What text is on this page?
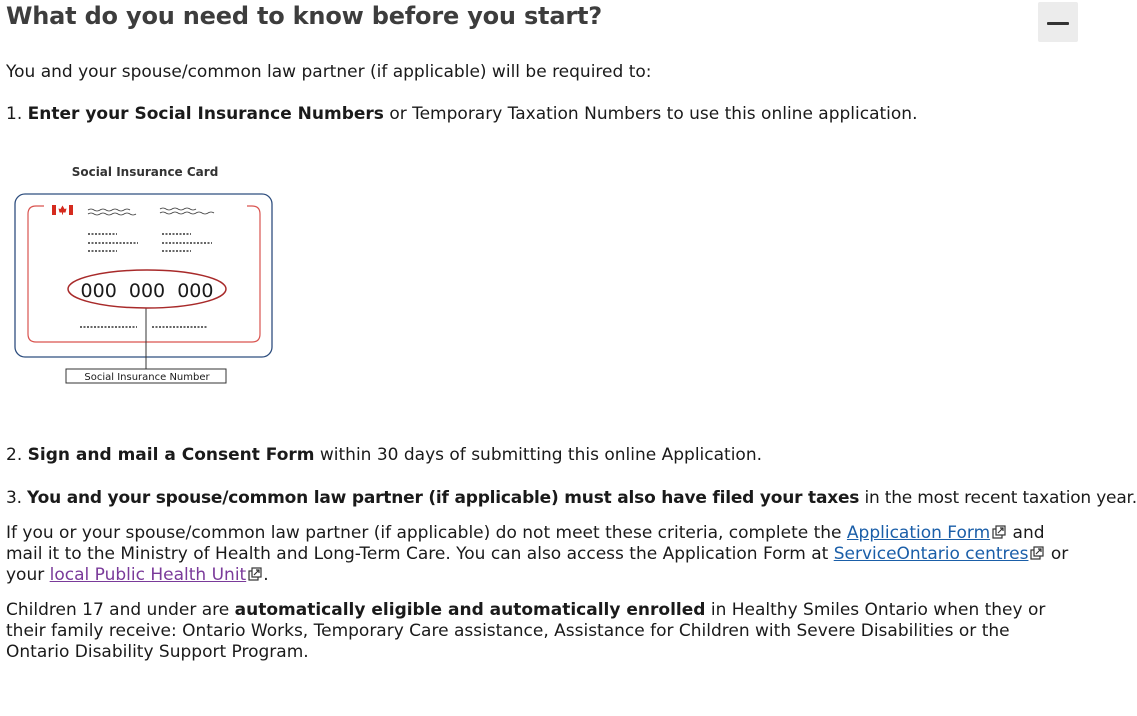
What do you need to know before you start?

You and your spouse/common law partner (if applicable) will be required to:

1. Enter your Social Insurance Numbers or Temporary Taxation Numbers to use this online application.

Social Insurance Card
000  000  000
Social Insurance Number

2. Sign and mail a Consent Form within 30 days of submitting this online Application.

3. You and your spouse/common law partner (if applicable) must also have filed your taxes in the most recent taxation year.

If you or your spouse/common law partner (if applicable) do not meet these criteria, complete the Application Form and mail it to the Ministry of Health and Long-Term Care. You can also access the Application Form at ServiceOntario centres or your local Public Health Unit .

Children 17 and under are automatically eligible and automatically enrolled in Healthy Smiles Ontario when they or their family receive: Ontario Works, Temporary Care assistance, Assistance for Children with Severe Disabilities or the Ontario Disability Support Program.
